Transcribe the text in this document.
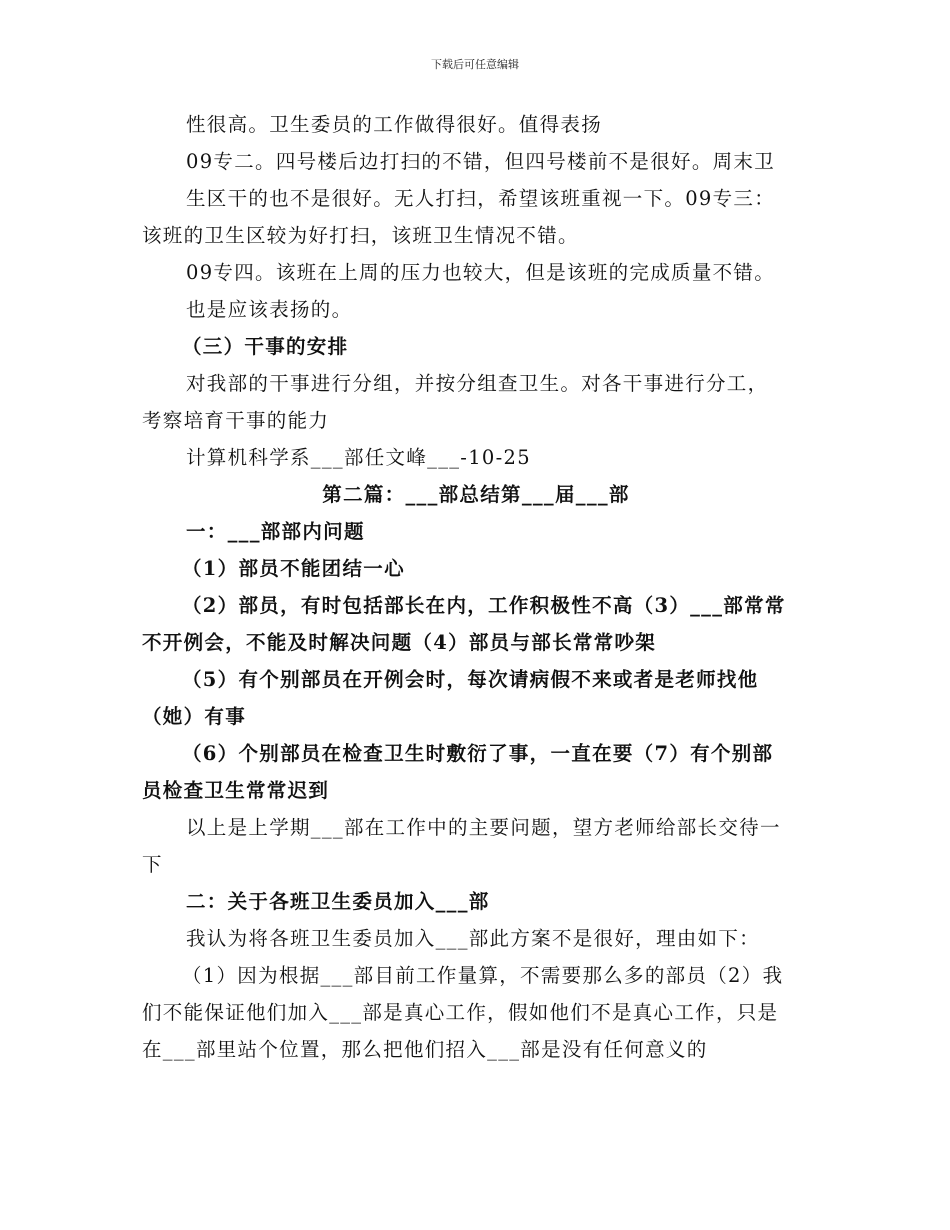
下载后可任意编辑
性很高。卫生委员的工作做得很好。值得表扬
09专二。四号楼后边打扫的不错，但四号楼前不是很好。周末卫
生区干的也不是很好。无人打扫，希望该班重视一下。09专三：
该班的卫生区较为好打扫，该班卫生情况不错。
09专四。该班在上周的压力也较大，但是该班的完成质量不错。
也是应该表扬的。
（三）干事的安排
对我部的干事进行分组，并按分组查卫生。对各干事进行分工，
考察培育干事的能力
计算机科学系___部任文峰___-10-25
第二篇：___部总结第___届___部
一：___部部内问题
（1）部员不能团结一心
（2）部员，有时包括部长在内，工作积极性不高（3）___部常常
不开例会，不能及时解决问题（4）部员与部长常常吵架
（5）有个别部员在开例会时，每次请病假不来或者是老师找他
（她）有事
（6）个别部员在检查卫生时敷衍了事，一直在要（7）有个别部
员检查卫生常常迟到
以上是上学期___部在工作中的主要问题，望方老师给部长交待一
下
二：关于各班卫生委员加入___部
我认为将各班卫生委员加入___部此方案不是很好，理由如下：
（1）因为根据___部目前工作量算，不需要那么多的部员（2）我
们不能保证他们加入___部是真心工作，假如他们不是真心工作，只是
在___部里站个位置，那么把他们招入___部是没有任何意义的
